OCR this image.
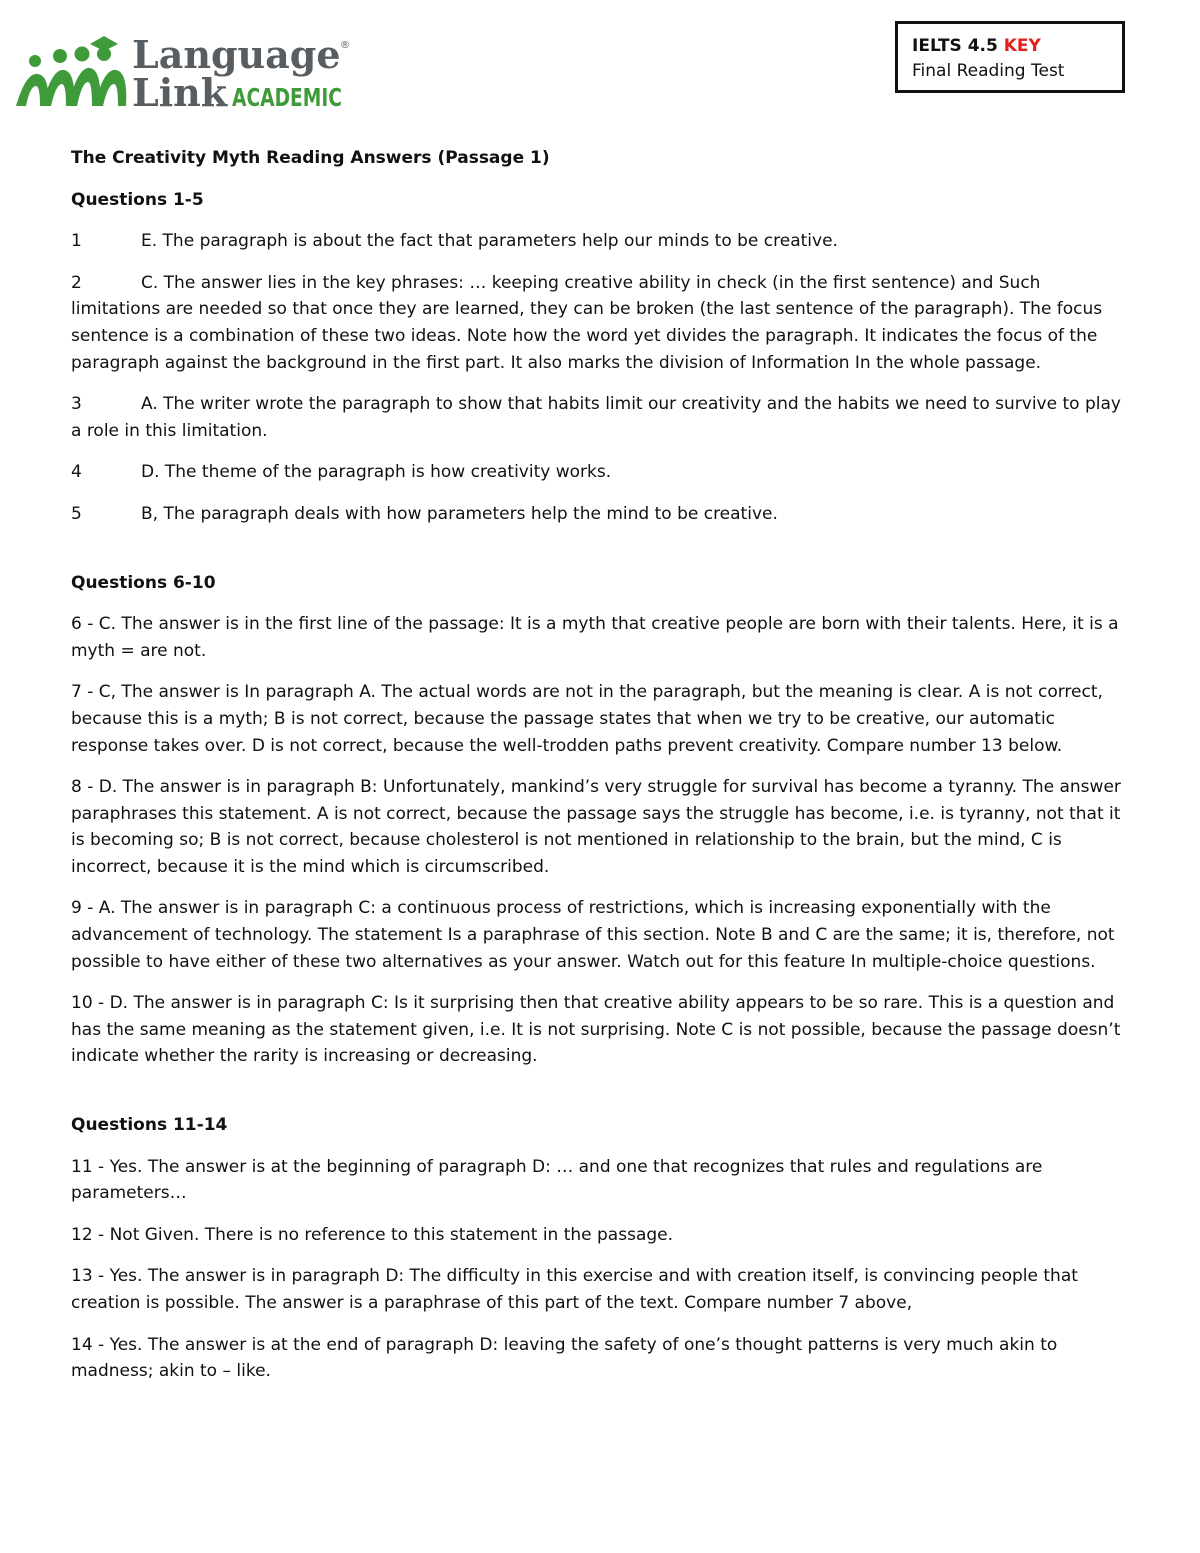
Language ®
Link ACADEMIC
IELTS 4.5 KEY
Final Reading Test

The Creativity Myth Reading Answers (Passage 1)

Questions 1-5

1	E. The paragraph is about the fact that parameters help our minds to be creative.

2	C. The answer lies in the key phrases: … keeping creative ability in check (in the first sentence) and Such limitations are needed so that once they are learned, they can be broken (the last sentence of the paragraph). The focus sentence is a combination of these two ideas. Note how the word yet divides the paragraph. It indicates the focus of the paragraph against the background in the first part. It also marks the division of Information In the whole passage.

3	A. The writer wrote the paragraph to show that habits limit our creativity and the habits we need to survive to play a role in this limitation.

4	D. The theme of the paragraph is how creativity works.

5	B, The paragraph deals with how parameters help the mind to be creative.

Questions 6-10

6 - C. The answer is in the first line of the passage: It is a myth that creative people are born with their talents. Here, it is a myth = are not.

7 - C, The answer is In paragraph A. The actual words are not in the paragraph, but the meaning is clear. A is not correct, because this is a myth; B is not correct, because the passage states that when we try to be creative, our automatic response takes over. D is not correct, because the well-trodden paths prevent creativity. Compare number 13 below.

8 - D. The answer is in paragraph B: Unfortunately, mankind’s very struggle for survival has become a tyranny. The answer paraphrases this statement. A is not correct, because the passage says the struggle has become, i.e. is tyranny, not that it is becoming so; B is not correct, because cholesterol is not mentioned in relationship to the brain, but the mind, C is incorrect, because it is the mind which is circumscribed.

9 - A. The answer is in paragraph C: a continuous process of restrictions, which is increasing exponentially with the advancement of technology. The statement Is a paraphrase of this section. Note B and C are the same; it is, therefore, not possible to have either of these two alternatives as your answer. Watch out for this feature In multiple-choice questions.

10 - D. The answer is in paragraph C: Is it surprising then that creative ability appears to be so rare. This is a question and has the same meaning as the statement given, i.e. It is not surprising. Note C is not possible, because the passage doesn’t indicate whether the rarity is increasing or decreasing.

Questions 11-14

11 - Yes. The answer is at the beginning of paragraph D: … and one that recognizes that rules and regulations are parameters…

12 - Not Given. There is no reference to this statement in the passage.

13 - Yes. The answer is in paragraph D: The difficulty in this exercise and with creation itself, is convincing people that creation is possible. The answer is a paraphrase of this part of the text. Compare number 7 above,

14 - Yes. The answer is at the end of paragraph D: leaving the safety of one’s thought patterns is very much akin to madness; akin to – like.
